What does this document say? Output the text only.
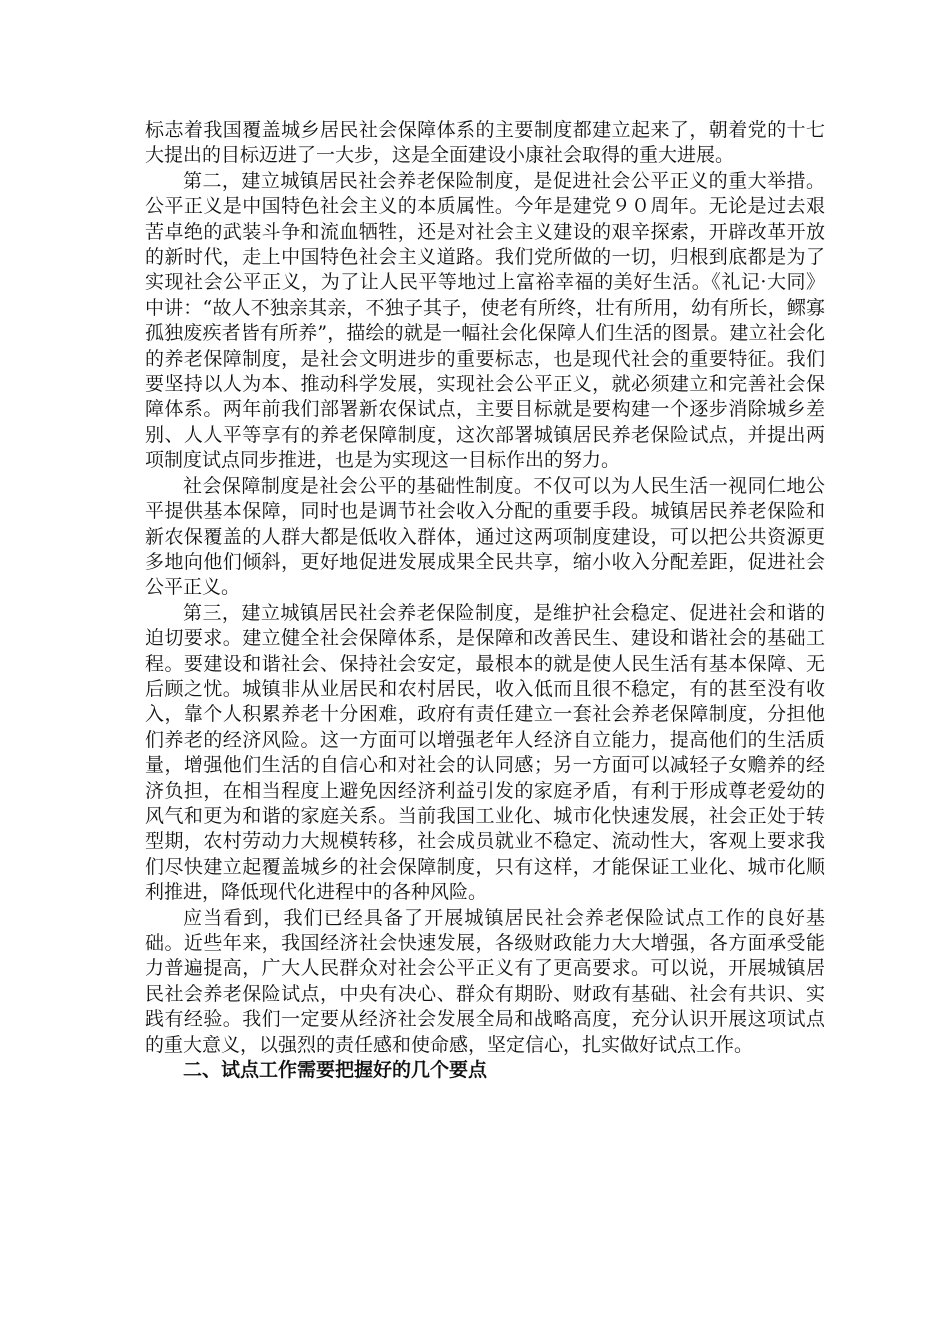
标志着我国覆盖城乡居民社会保障体系的主要制度都建立起来了，朝着党的十七大提出的目标迈进了一大步，这是全面建设小康社会取得的重大进展。

第二，建立城镇居民社会养老保险制度，是促进社会公平正义的重大举措。公平正义是中国特色社会主义的本质属性。今年是建党９０周年。无论是过去艰苦卓绝的武装斗争和流血牺牲，还是对社会主义建设的艰辛探索，开辟改革开放的新时代，走上中国特色社会主义道路。我们党所做的一切，归根到底都是为了实现社会公平正义，为了让人民平等地过上富裕幸福的美好生活。《礼记·大同》中讲：“故人不独亲其亲，不独子其子，使老有所终，壮有所用，幼有所长，鳏寡孤独废疾者皆有所养”，描绘的就是一幅社会化保障人们生活的图景。建立社会化的养老保障制度，是社会文明进步的重要标志，也是现代社会的重要特征。我们要坚持以人为本、推动科学发展，实现社会公平正义，就必须建立和完善社会保障体系。两年前我们部署新农保试点，主要目标就是要构建一个逐步消除城乡差别、人人平等享有的养老保障制度，这次部署城镇居民养老保险试点，并提出两项制度试点同步推进，也是为实现这一目标作出的努力。

社会保障制度是社会公平的基础性制度。不仅可以为人民生活一视同仁地公平提供基本保障，同时也是调节社会收入分配的重要手段。城镇居民养老保险和新农保覆盖的人群大都是低收入群体，通过这两项制度建设，可以把公共资源更多地向他们倾斜，更好地促进发展成果全民共享，缩小收入分配差距，促进社会公平正义。

第三，建立城镇居民社会养老保险制度，是维护社会稳定、促进社会和谐的迫切要求。建立健全社会保障体系，是保障和改善民生、建设和谐社会的基础工程。要建设和谐社会、保持社会安定，最根本的就是使人民生活有基本保障、无后顾之忧。城镇非从业居民和农村居民，收入低而且很不稳定，有的甚至没有收入，靠个人积累养老十分困难，政府有责任建立一套社会养老保障制度，分担他们养老的经济风险。这一方面可以增强老年人经济自立能力，提高他们的生活质量，增强他们生活的自信心和对社会的认同感；另一方面可以减轻子女赡养的经济负担，在相当程度上避免因经济利益引发的家庭矛盾，有利于形成尊老爱幼的风气和更为和谐的家庭关系。当前我国工业化、城市化快速发展，社会正处于转型期，农村劳动力大规模转移，社会成员就业不稳定、流动性大，客观上要求我们尽快建立起覆盖城乡的社会保障制度，只有这样，才能保证工业化、城市化顺利推进，降低现代化进程中的各种风险。

应当看到，我们已经具备了开展城镇居民社会养老保险试点工作的良好基础。近些年来，我国经济社会快速发展，各级财政能力大大增强，各方面承受能力普遍提高，广大人民群众对社会公平正义有了更高要求。可以说，开展城镇居民社会养老保险试点，中央有决心、群众有期盼、财政有基础、社会有共识、实践有经验。我们一定要从经济社会发展全局和战略高度，充分认识开展这项试点的重大意义，以强烈的责任感和使命感，坚定信心，扎实做好试点工作。

二、试点工作需要把握好的几个要点
